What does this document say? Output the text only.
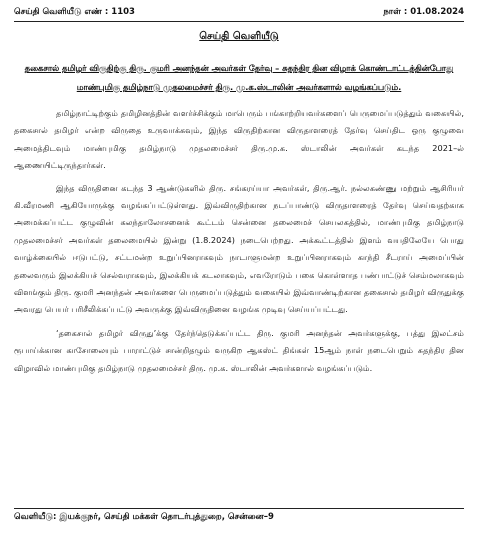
செய்தி வெளியீடு எண் : 1103	நாள் : 01.08.2024
செய்தி வெளியீடு
தகைசால் தமிழர் விருதிற்கு திரு. குமரி அனந்தன் அவர்கள் தேர்வு – சுதந்திர தின விழாக் கொண்டாட்டத்தின்போது மாண்புமிகு தமிழ்நாடு முதலமைச்சர் திரு. மு.க.ஸ்டாலின் அவர்களால் வழங்கப்படும்.

தமிழ்நாட்டிற்கும் தமிழினத்தின் வளர்ச்சிக்கும் மாபெரும் பங்காற்றியவர்களைப் பெருமைப்படுத்தும் வகையில், தகைசால் தமிழர் என்ற விருதை உருவாக்கவும், இந்த விருதிற்கான விருதாளரைத் தேர்வு செய்திட ஒரு குழுவை அமைத்திடவும் மாண்புமிகு தமிழ்நாடு முதலமைச்சர் திரு.மு.க. ஸ்டாலின் அவர்கள் கடந்த 2021–ல் ஆணையிட்டிருந்தார்கள்.

இந்த விருதினை கடந்த 3 ஆண்டுகளில் திரு. சங்கரய்யா அவர்கள், திரு.ஆர். நல்லகண்ணு மற்றும் ஆசிரியர் கி.வீரமணி ஆகியோருக்கு வழங்கப்பட்டுள்ளது. இவ்விருதிற்கான நடப்பாண்டு விருதாளரைத் தேர்வு செய்வதற்காக அமைக்கப்பட்ட குழுவின் கலந்தாலோசனைக் கூட்டம் சென்னை தலைமைச் செயலகத்தில், மாண்புமிகு தமிழ்நாடு முதலமைச்சர் அவர்கள் தலைமையில் இன்று (1.8.2024) நடைபெற்றது. அக்கூட்டத்தில் இளம் வயதிலேயே பொது வாழ்க்கையில் ஈடுபட்டு, சட்டமன்ற உறுப்பினராகவும் நாடாளுமன்ற உறுப்பினராகவும் காந்தி சீடராய் அமைப்பின் தலைவரும் இலக்கியச் செல்வராகவும், இலக்கியக் கடலாகவும், எவரோடும் பகை கொள்ளாத பண்பாட்டுச் செம்மலாகவும் விளங்கும் திரு. குமரி அனந்தன் அவர்களை பெருமைப்படுத்தும் வகையில் இவ்வாண்டிற்கான தகைசால் தமிழர் விருதுக்கு அவரது பெயர் பரிசீலிக்கப்பட்டு அவருக்கு இவ்விருதினை வழங்க முடிவு செய்யப்பட்டது.

‘தகைசால் தமிழர் விருது’க்கு தேர்ந்தெடுக்கப்பட்ட திரு. குமரி அனந்தன் அவர்களுக்கு, பத்து இலட்சம் ரூபாய்க்கான காசோலையும் பாராட்டுச் சான்றிதழும் வருகிற ஆகஸ்ட் திங்கள் 15ஆம் நாள் நடைபெறும் சுதந்திர தின விழாவில் மாண்புமிகு தமிழ்நாடு முதலமைச்சர் திரு. மு.க. ஸ்டாலின் அவர்களால் வழங்கப்படும்.

வெளியீடு: இயக்குநர், செய்தி மக்கள் தொடர்புத்துறை, சென்னை–9
